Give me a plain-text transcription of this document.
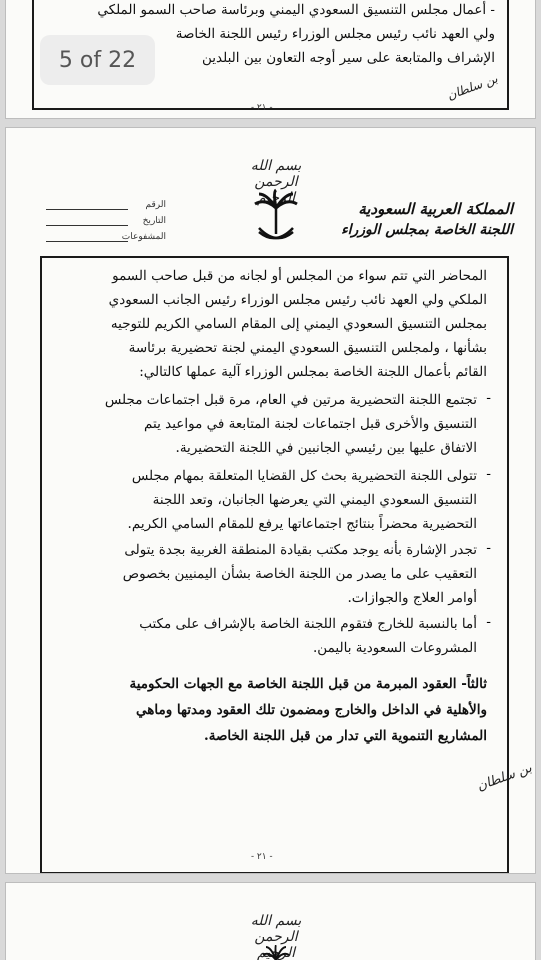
- أعمال مجلس التنسيق السعودي اليمني وبرئاسة صاحب السمو الملكي
ولي العهد نائب رئيس مجلس الوزراء رئيس اللجنة الخاصة
الإشراف والمتابعة على سير أوجه التعاون بين البلدين
بن سلطان
- ٢١ -
5 of 22
بسم الله الرحمن الرحيم
المملكة العربية السعودية
اللجنة الخاصة بمجلس الوزراء
الرقم
التاريخ
المشفوعات
المحاضر التي تتم سواء من المجلس أو لجانه من قبل صاحب السمو
الملكي ولي العهد نائب رئيس مجلس الوزراء رئيس الجانب السعودي
بمجلس التنسيق السعودي اليمني إلى المقام السامي الكريم للتوجيه
بشأنها ، ولمجلس التنسيق السعودي اليمني لجنة تحضيرية برئاسة
القائم بأعمال اللجنة الخاصة بمجلس الوزراء آلية عملها كالتالي:
-
تجتمع اللجنة التحضيرية مرتين في العام، مرة قبل اجتماعات مجلس
التنسيق والأخرى قبل اجتماعات لجنة المتابعة في مواعيد يتم
الاتفاق عليها بين رئيسي الجانبين في اللجنة التحضيرية.
-
تتولى اللجنة التحضيرية بحث كل القضايا المتعلقة بمهام مجلس
التنسيق السعودي اليمني التي يعرضها الجانبان، وتعد اللجنة
التحضيرية محضراً بنتائج اجتماعاتها يرفع للمقام السامي الكريم.
-
تجدر الإشارة بأنه يوجد مكتب بقيادة المنطقة الغربية بجدة يتولى
التعقيب على ما يصدر من اللجنة الخاصة بشأن اليمنيين بخصوص
أوامر العلاج والجوازات.
-
أما بالنسبة للخارج فتقوم اللجنة الخاصة بالإشراف على مكتب
المشروعات السعودية باليمن.
ثالثاً- العقود المبرمة من قبل اللجنة الخاصة مع الجهات الحكومية
والأهلية في الداخل والخارج ومضمون تلك العقود ومدتها وماهي
المشاريع التنموية التي تدار من قبل اللجنة الخاصة.
بن سلطان
- ٢١ -
بسم الله الرحمن الرحيم
